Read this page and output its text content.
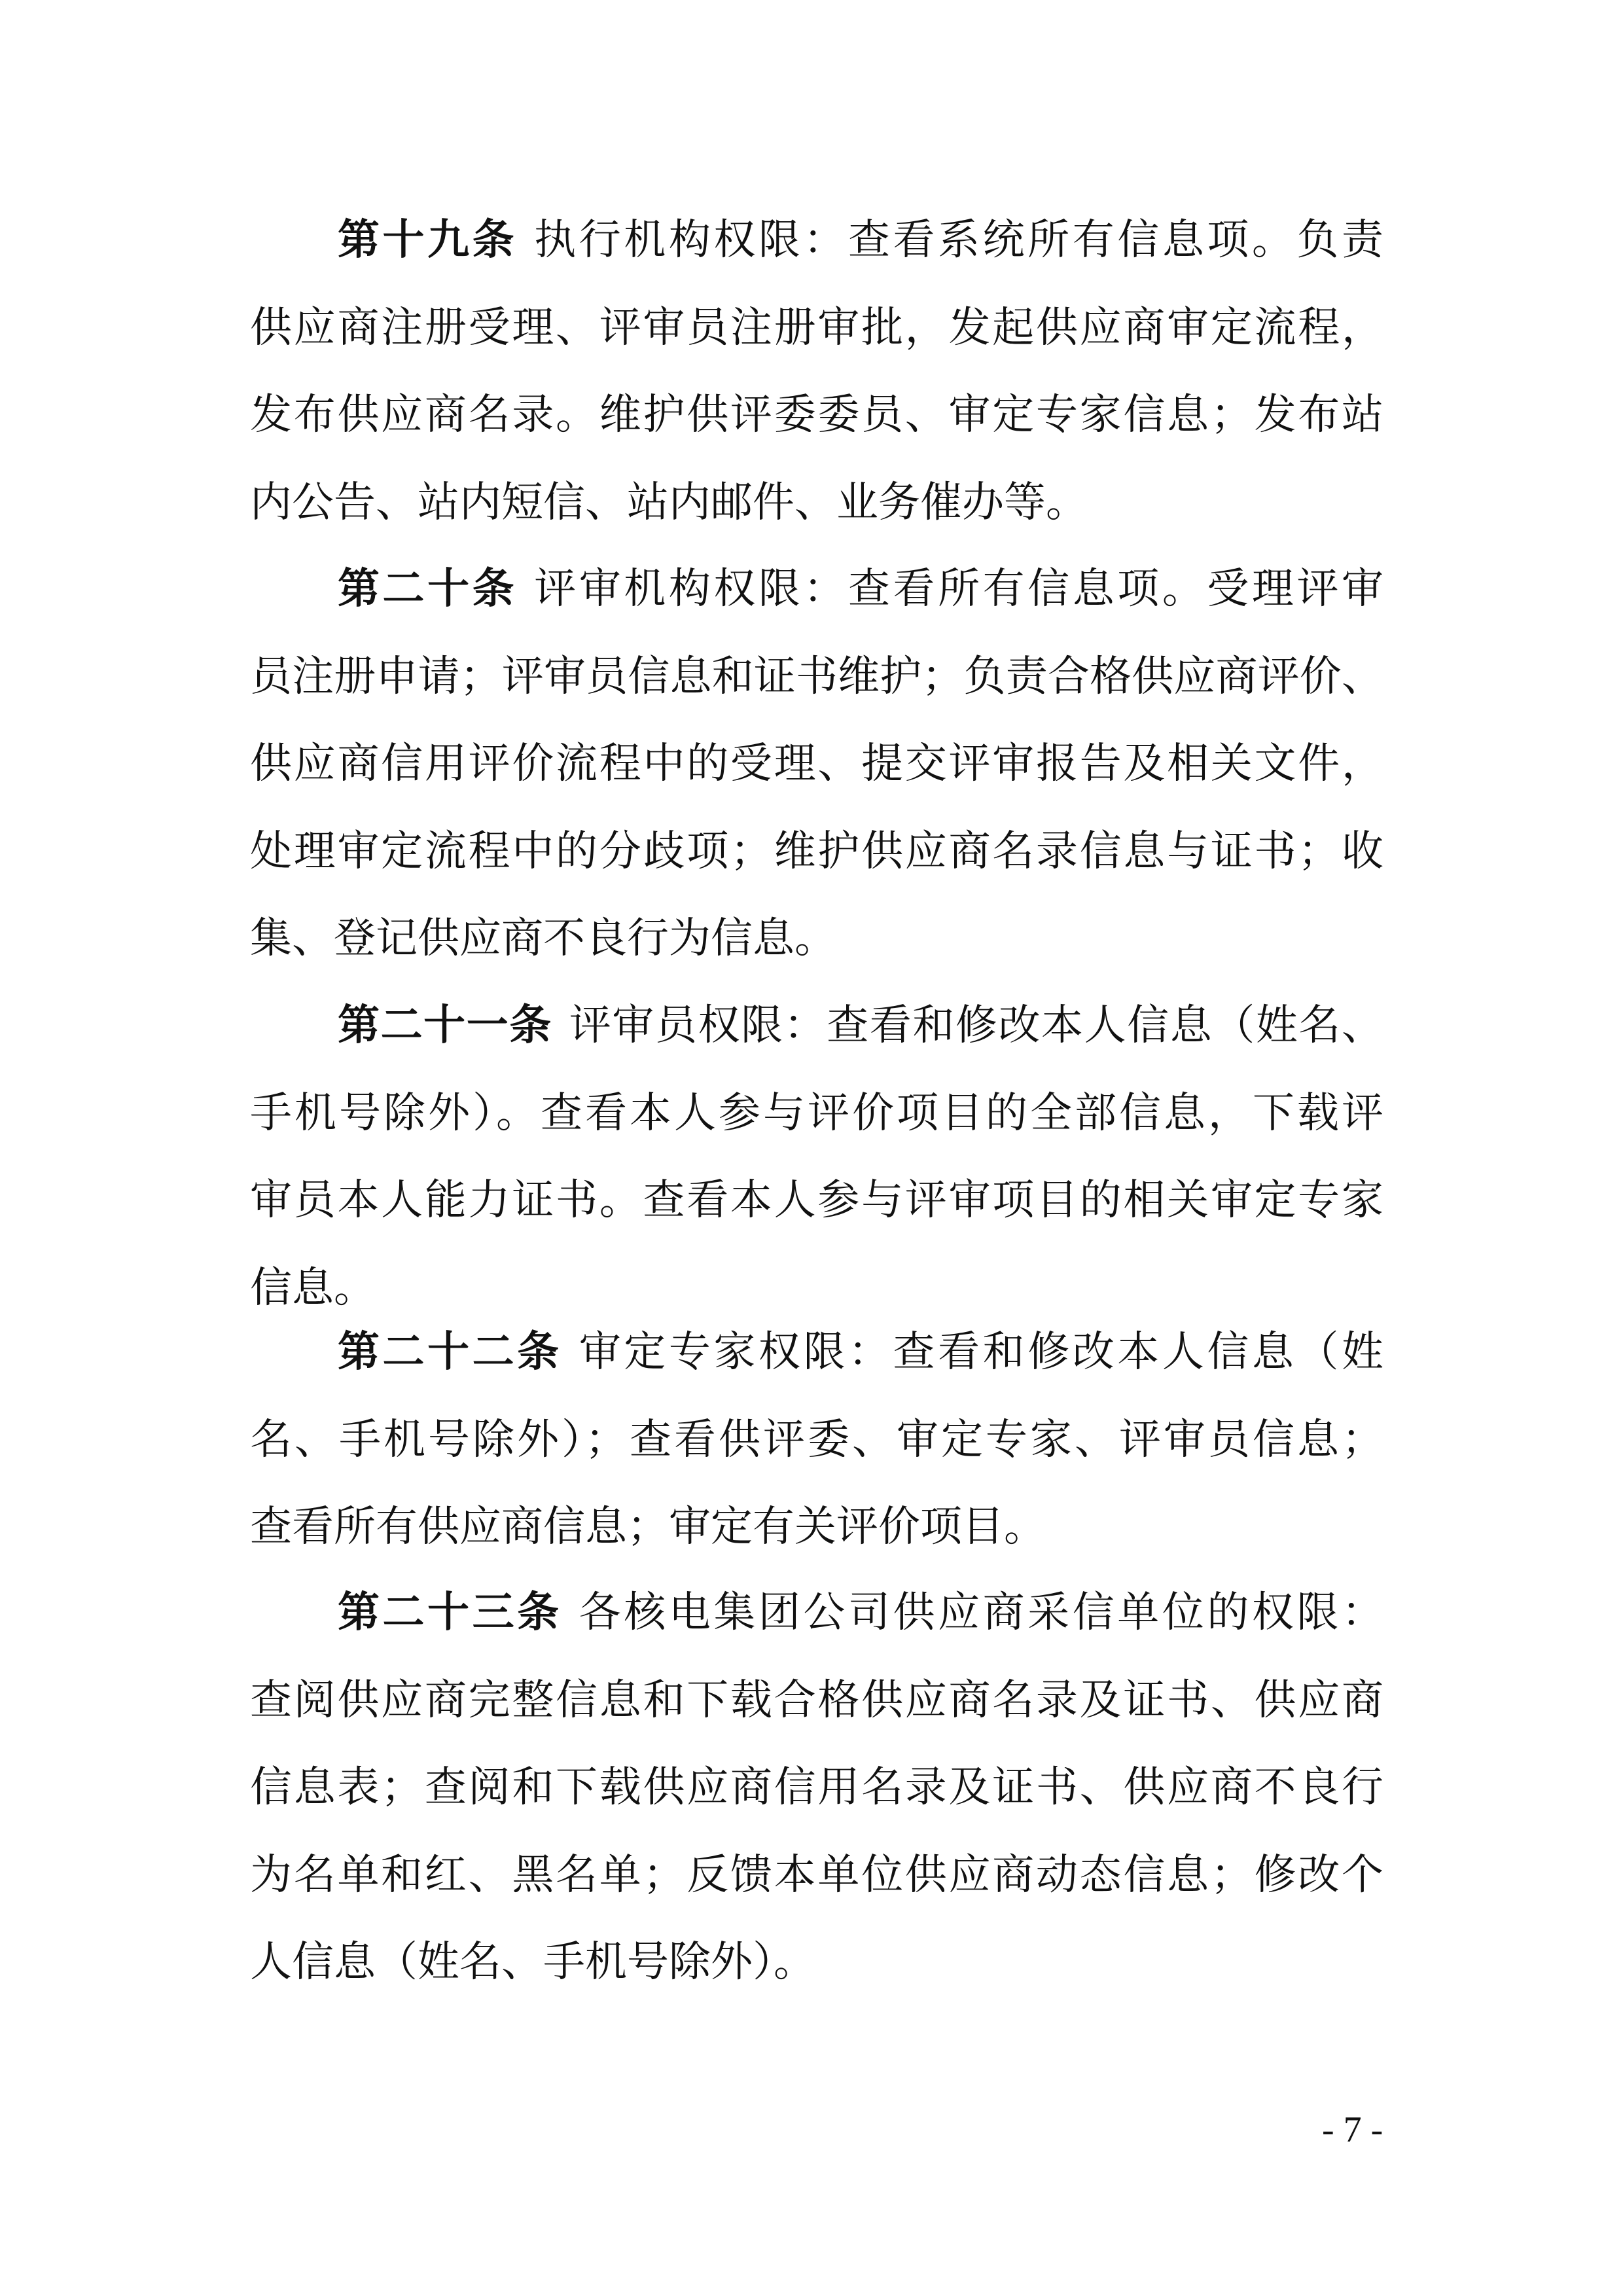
第十九条 执行机构权限：查看系统所有信息项。负责
供应商注册受理、评审员注册审批，发起供应商审定流程，
发布供应商名录。维护供评委委员、审定专家信息；发布站
内公告、站内短信、站内邮件、业务催办等。
第二十条 评审机构权限：查看所有信息项。受理评审
员注册申请；评审员信息和证书维护；负责合格供应商评价、
供应商信用评价流程中的受理、提交评审报告及相关文件，
处理审定流程中的分歧项；维护供应商名录信息与证书；收
集、登记供应商不良行为信息。
第二十一条 评审员权限：查看和修改本人信息（姓名、
手机号除外）。查看本人参与评价项目的全部信息，下载评
审员本人能力证书。查看本人参与评审项目的相关审定专家
信息。
第二十二条 审定专家权限：查看和修改本人信息（姓
名、手机号除外）；查看供评委、审定专家、评审员信息；
查看所有供应商信息；审定有关评价项目。
第二十三条 各核电集团公司供应商采信单位的权限：
查阅供应商完整信息和下载合格供应商名录及证书、供应商
信息表；查阅和下载供应商信用名录及证书、供应商不良行
为名单和红、黑名单；反馈本单位供应商动态信息；修改个
人信息（姓名、手机号除外）。
- 7 -
